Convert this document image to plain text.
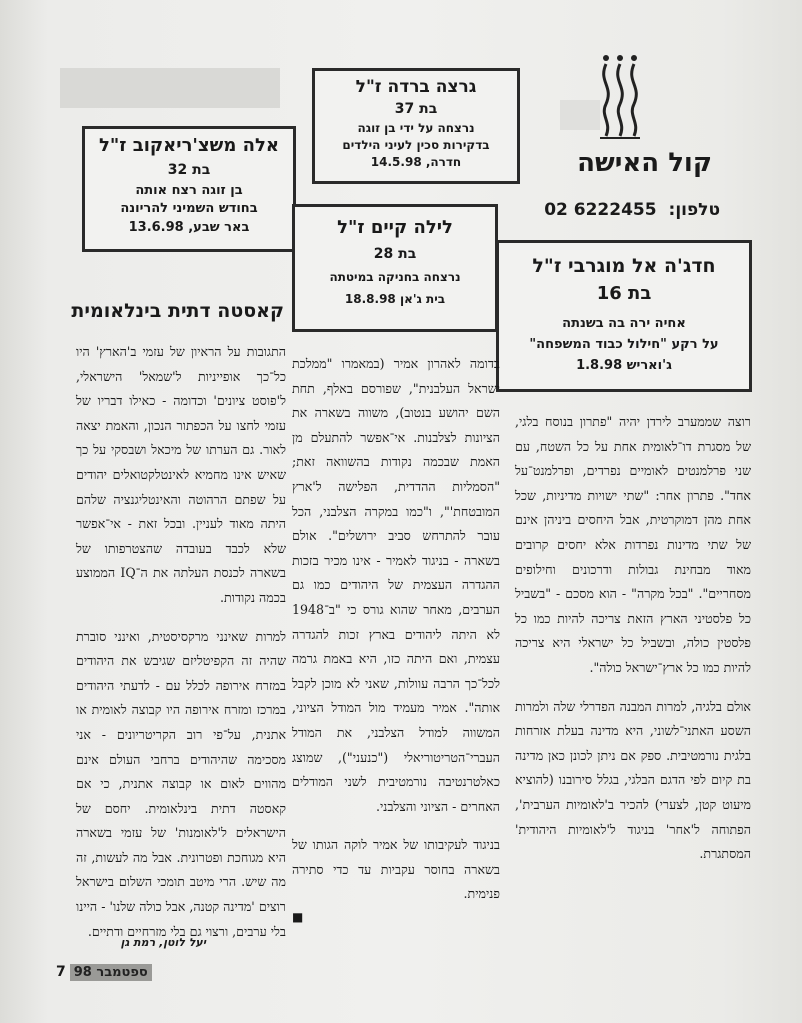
קול האישה
טלפון: 02 6222455
גרצה ברדה ז"ל
בת 37
נרצחה על ידי בן זוגה
בדקירות סכין לעיני הילדים
חדרה, 14.5.98
אלה משצ'ריאקוב ז"ל
בת 32
בן זוגה רצח אותה
בחודש השמיני להריונה
באר שבע, 13.6.98	לילה קיים ז"ל
בת 28
נרצחה בחניקה במיטתה
בית ג'אן 18.8.98
חדג'ה אל מוגרבי ז"ל
בת 16
אחיה ירה בה בשנתה
על רקע "חילול כבוד המשפחה"
ג'ואריש 1.8.98
קאסטה דתית בינלאומית

רוצה שממערב לירדן יהיה "פתרון בנוסח בלגי, של מסגרת דו־לאומית אחת על כל השטח, עם שני פרלמנטים לאומיים נפרדים, ופרלמנט־על אחד". פתרון אחר: "שתי ישויות מדיניות, שכל אחת מהן דמוקרטית, אבל היחסים ביניהן אינם של שתי מדינות נפרדות אלא יחסים קרובים מאוד מבחינת גבולות ודרכונים וחילופים מסחריים". "בכל מקרה" - הוא מסכם - "בשביל כל פלסטיני הארץ הזאת צריכה להיות כמו כל פלסטין כולה, ובשביל כל ישראלי היא צריכה להיות כמו כל ארץ־ישראל כולה".

אולם בלגיה, למרות המבנה הפדרלי שלה ולמרות השסע האתני־לשוני, היא מדינה בעלת אזרחות בלגית נורמטיבית. ספק אם ניתן לכונן כאן מדינה בת קיום לפי הדגם הבלגי, בגלל סירובנו (להוציא מיעוט קטן, לצערי) להכיר ב'לאומיות הערבית', הפתוחה ל'אחר' בניגוד ל'לאומיות היהודית' המסתגרת.

בדומה לאהרון אמיר (במאמרו "ממלכת ישראל העלבנית", שפורסם באלף, תחת השם יהושע בנטוב), משווה בשארה את הציונות לצלבנות. אי־אפשר להתעלם מן האמת שבכמה נקודות בהשוואה זאת; "הסמליות ההדדית, הפלישה ל'ארץ המובטחת'", ו"כמו במקרה הצלבני, הכל עובר להתרחש סביב ירושלים". אולם בשארה - בניגוד לאמיר - אינו מכיר בזכות ההגדרה העצמית של היהודים כמו גם הערבים, מאחר שהוא גורס כי "ב־1948 לא היתה ליהודים בארץ זכות להגדרה עצמית, ואם היתה כזו, היא באמת גרמה לכל־כך הרבה עוולות, שאני לא מוכן לקבל אותה". אמיר מעמיד מול המודל הציוני, המשווה למודל הצלבני, את המודל העברי־הטריטוריאלי ("כנעני"), שמוצג כאלטרנטיבה נורמטיבית לשני המודלים האחרים - הציוני והצלבני.

בניגוד לעקיבותו של אמיר לוקה הגותו של בשארה בחוסר עקביות עד כדי סתירה פנימית.

■

התגובות על הראיון של עזמי ב'הארץ' היו כל־כך אופייניות ל'שמאל' הישראלי, ל'פוסט ציונים' וכדומה - כאילו דבריו של עזמי לחצו על הכפתור הנכון, והאמת יצאה לאור. גם הערתו של מיכאל ושבסקי על כך שאיש אינו מחמיא לאינטלקטואלים יהודים על שפתם הרהוטה והאינטליגנציה שלהם היתה מאוד לעניין. ובכל זאת - אי־אפשר שלא לכבד בעובדה שהצטרפותו של בשארה לכנסת העלתה את ה־IQ הממוצע בכמה נקודות.

למרות שאינני מרקסיסטית, ואינני סוברת שהיה זה הקפיטליזם שגיבש את היהודים במזרח אירופה לכלל עם - לדעתי היהודים במרכז ומזרח אירופה היו קבוצה לאומית או אתנית, על־פי רוב הקריטריונים - אני מסכימה שהיהודים ברחבי העולם אינם מהווים לאום או קבוצה אתנית, כי אם קאסטה דתית בינלאומית. יחסם של הישראלים ל'לאומנות' של עזמי בשארה היא מגוחכת ופטרונית. אבל מה לעשות, זה מה שיש. הרי מיטב תומכי השלום בישראל רוצים 'מדינה קטנה, אבל כולה שלנו' - היינו בלי ערבים, ורצוי גם בלי מזרחיים ודתיים.

יעל לוטן, רמת גן
7 ספטמבר 98
